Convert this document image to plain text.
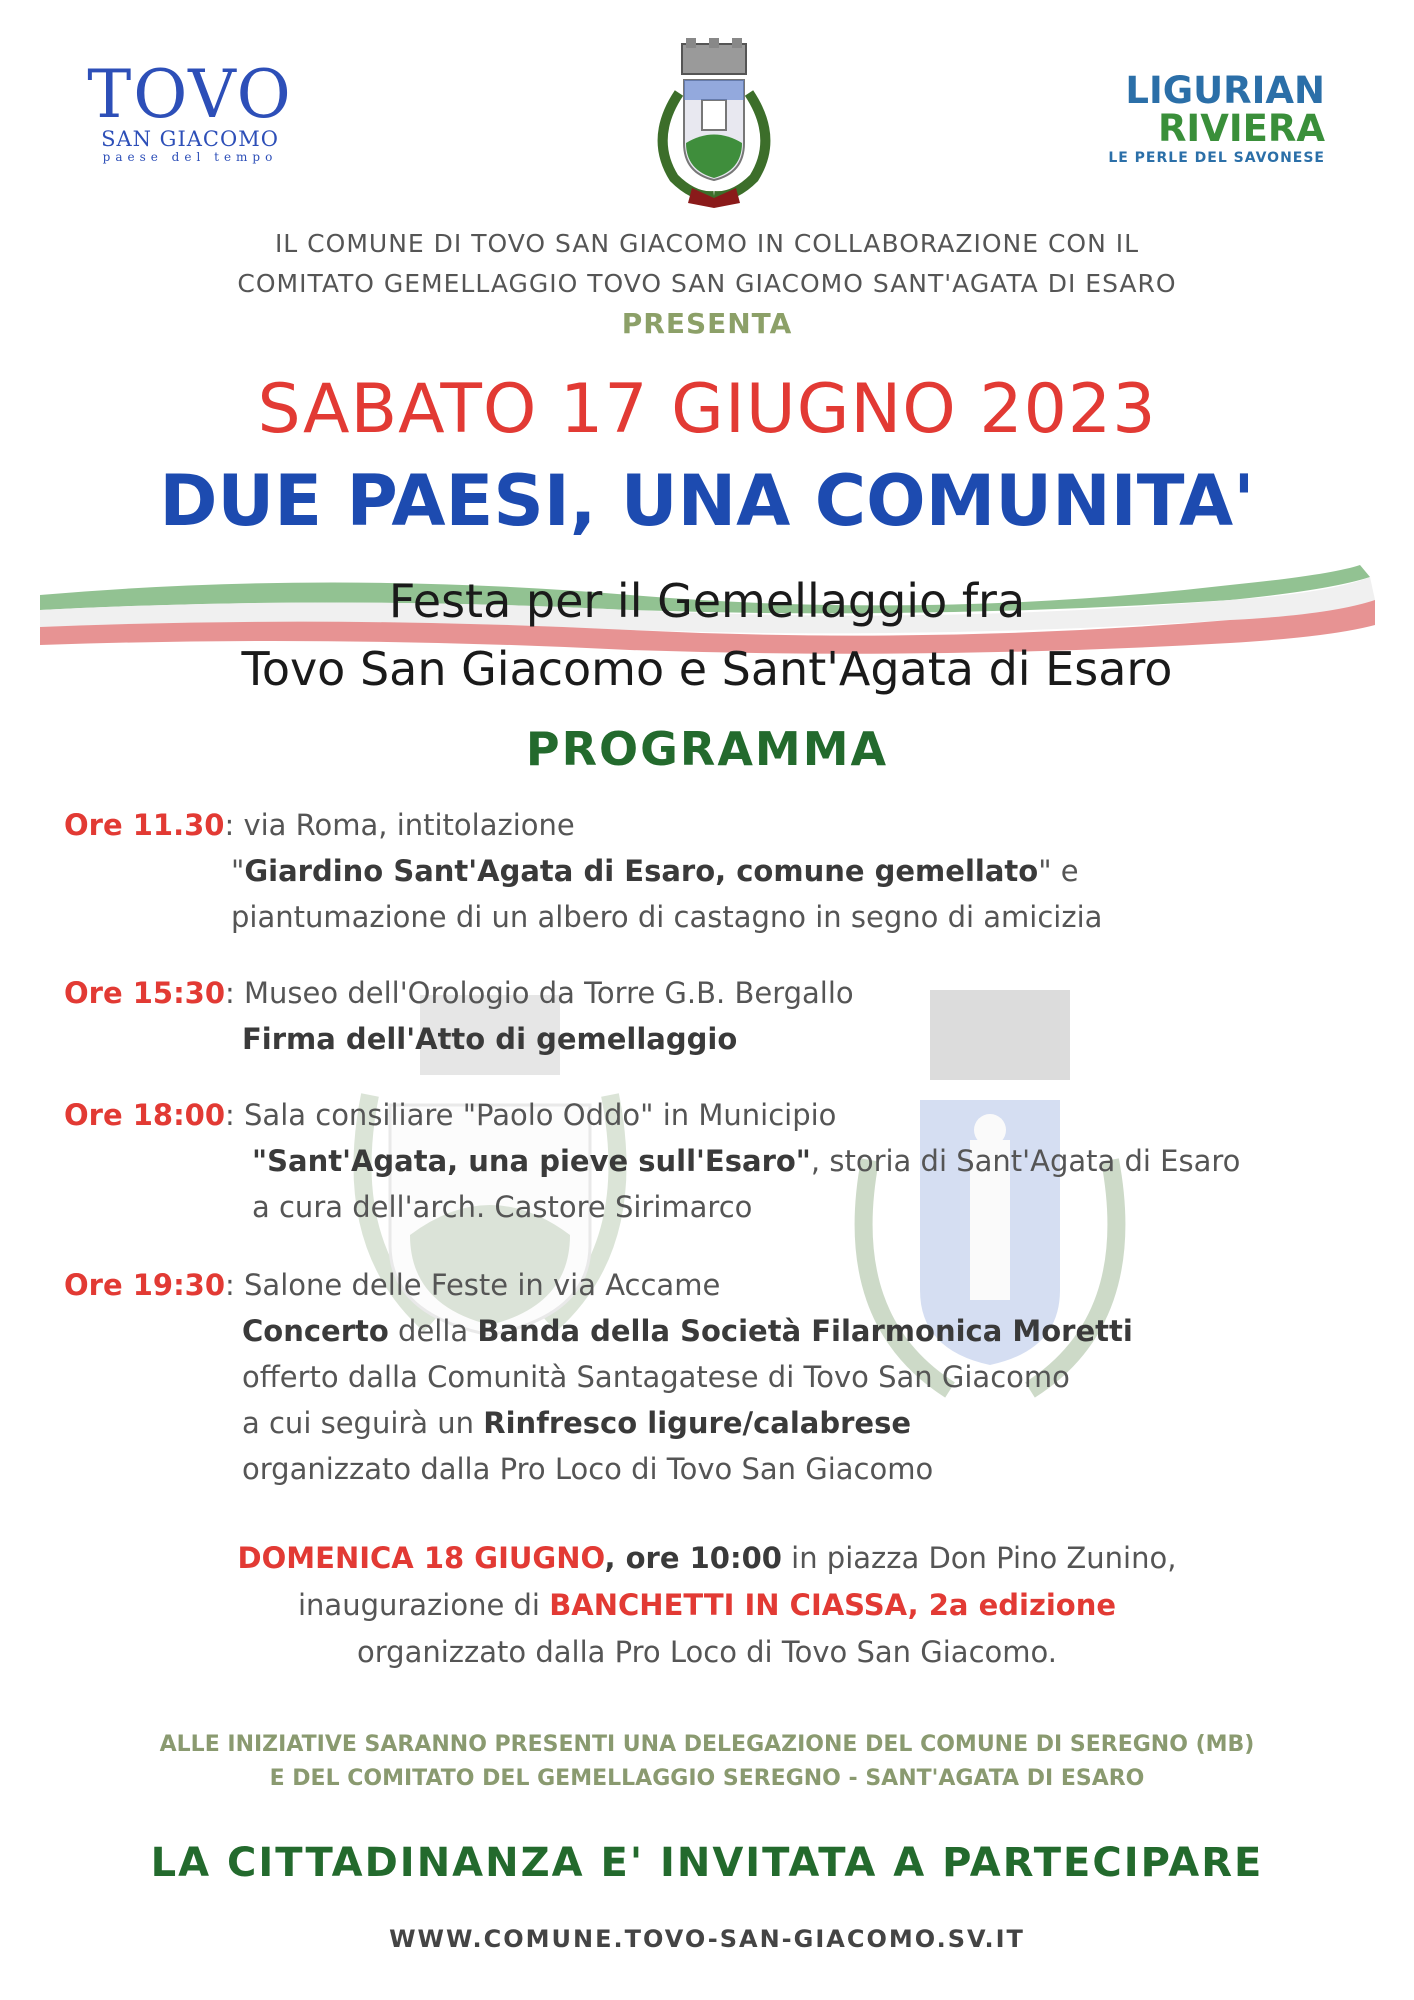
TOVO
SAN GIACOMO
paese del tempo
LIGURIAN
RIVIERA
LE PERLE DEL SAVONESE
IL COMUNE DI TOVO SAN GIACOMO IN COLLABORAZIONE CON IL
COMITATO GEMELLAGGIO TOVO SAN GIACOMO SANT'AGATA DI ESARO
PRESENTA
SABATO 17 GIUGNO 2023
DUE PAESI, UNA COMUNITA'
Festa per il Gemellaggio fra
Tovo San Giacomo e Sant'Agata di Esaro
PROGRAMMA
Ore 11.30: via Roma, intitolazione
"Giardino Sant'Agata di Esaro, comune gemellato" e
piantumazione di un albero di castagno in segno di amicizia
Ore 15:30: Museo dell'Orologio da Torre G.B. Bergallo
Firma dell'Atto di gemellaggio
Ore 18:00: Sala consiliare "Paolo Oddo" in Municipio
"Sant'Agata, una pieve sull'Esaro", storia di Sant'Agata di Esaro
a cura dell'arch. Castore Sirimarco
Ore 19:30: Salone delle Feste in via Accame
Concerto della Banda della Società Filarmonica Moretti
offerto dalla Comunità Santagatese di Tovo San Giacomo
a cui seguirà un Rinfresco ligure/calabrese
organizzato dalla Pro Loco di Tovo San Giacomo
DOMENICA 18 GIUGNO, ore 10:00 in piazza Don Pino Zunino,
inaugurazione di BANCHETTI IN CIASSA, 2a edizione
organizzato dalla Pro Loco di Tovo San Giacomo.
ALLE INIZIATIVE SARANNO PRESENTI UNA DELEGAZIONE DEL COMUNE DI SEREGNO (MB)
E DEL COMITATO DEL GEMELLAGGIO SEREGNO - SANT'AGATA DI ESARO
LA CITTADINANZA E' INVITATA A PARTECIPARE
WWW.COMUNE.TOVO-SAN-GIACOMO.SV.IT
